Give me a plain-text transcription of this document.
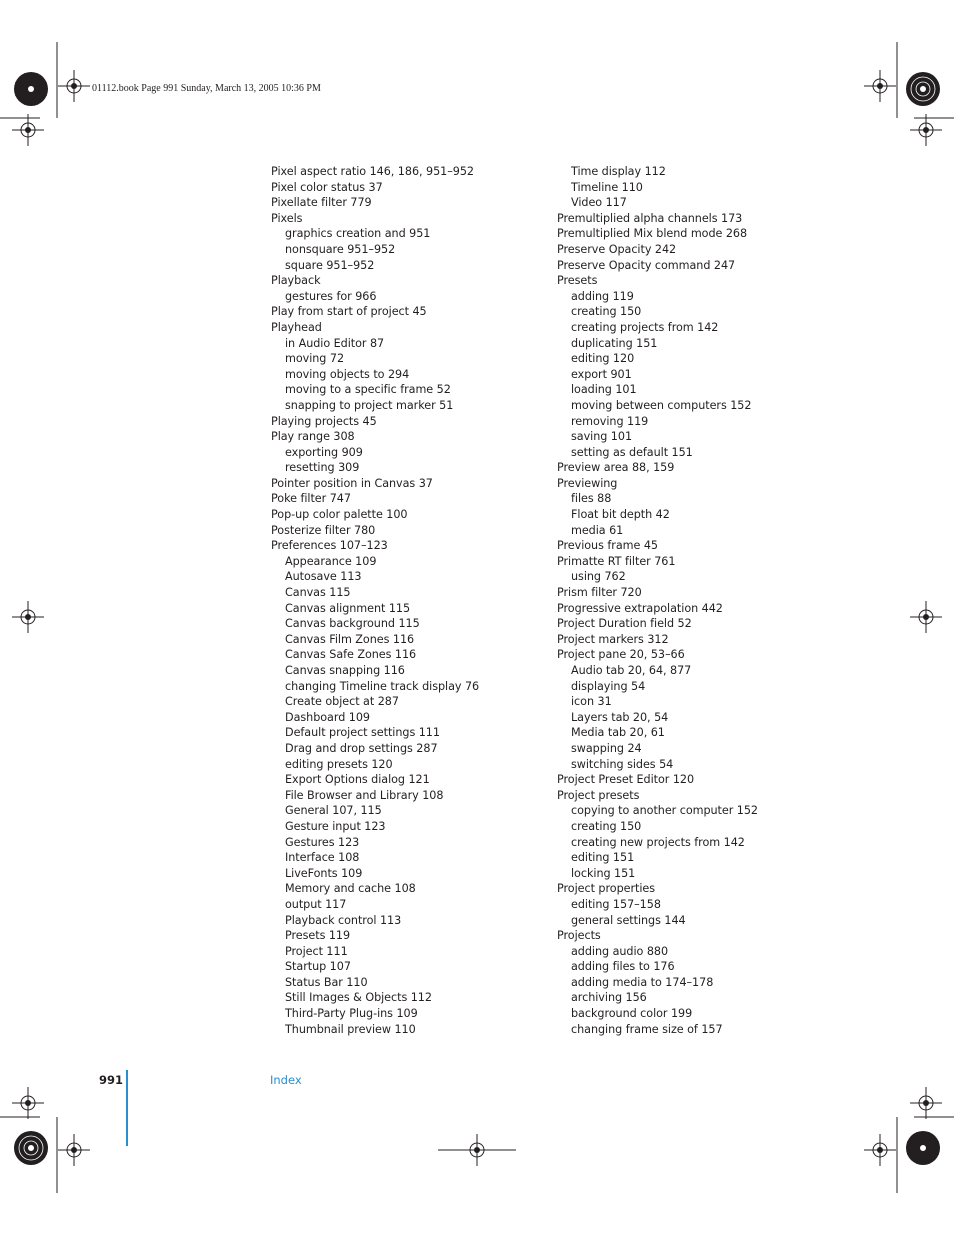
01112.book Page 991 Sunday, March 13, 2005 10:36 PM
Pixel aspect ratio 146, 186, 951–952
Pixel color status 37
Pixellate filter 779
Pixels
graphics creation and 951
nonsquare 951–952
square 951–952
Playback
gestures for 966
Play from start of project 45
Playhead
in Audio Editor 87
moving 72
moving objects to 294
moving to a specific frame 52
snapping to project marker 51
Playing projects 45
Play range 308
exporting 909
resetting 309
Pointer position in Canvas 37
Poke filter 747
Pop-up color palette 100
Posterize filter 780
Preferences 107–123
Appearance 109
Autosave 113
Canvas 115
Canvas alignment 115
Canvas background 115
Canvas Film Zones 116
Canvas Safe Zones 116
Canvas snapping 116
changing Timeline track display 76
Create object at 287
Dashboard 109
Default project settings 111
Drag and drop settings 287
editing presets 120
Export Options dialog 121
File Browser and Library 108
General 107, 115
Gesture input 123
Gestures 123
Interface 108
LiveFonts 109
Memory and cache 108
output 117
Playback control 113
Presets 119
Project 111
Startup 107
Status Bar 110
Still Images & Objects 112
Third-Party Plug-ins 109
Thumbnail preview 110
Time display 112
Timeline 110
Video 117
Premultiplied alpha channels 173
Premultiplied Mix blend mode 268
Preserve Opacity 242
Preserve Opacity command 247
Presets
adding 119
creating 150
creating projects from 142
duplicating 151
editing 120
export 901
loading 101
moving between computers 152
removing 119
saving 101
setting as default 151
Preview area 88, 159
Previewing
files 88
Float bit depth 42
media 61
Previous frame 45
Primatte RT filter 761
using 762
Prism filter 720
Progressive extrapolation 442
Project Duration field 52
Project markers 312
Project pane 20, 53–66
Audio tab 20, 64, 877
displaying 54
icon 31
Layers tab 20, 54
Media tab 20, 61
swapping 24
switching sides 54
Project Preset Editor 120
Project presets
copying to another computer 152
creating 150
creating new projects from 142
editing 151
locking 151
Project properties
editing 157–158
general settings 144
Projects
adding audio 880
adding files to 176
adding media to 174–178
archiving 156
background color 199
changing frame size of 157
991	Index
